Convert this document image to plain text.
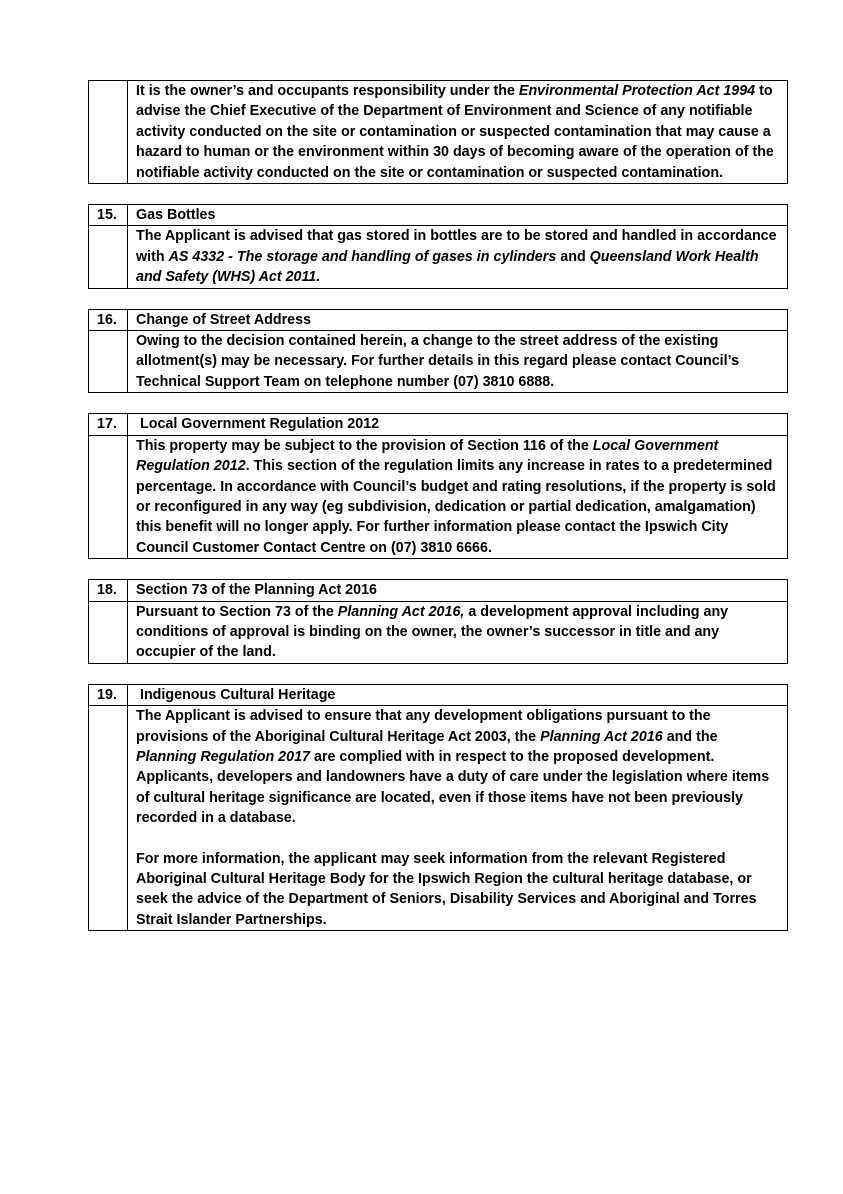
	It is the owner’s and occupants responsibility under the Environmental Protection Act 1994 to advise the Chief Executive of the Department of Environment and Science of any notifiable activity conducted on the site or contamination or suspected contamination that may cause a hazard to human or the environment within 30 days of becoming aware of the operation of the notifiable activity conducted on the site or contamination or suspected contamination.
15.	Gas Bottles
	The Applicant is advised that gas stored in bottles are to be stored and handled in accordance with AS 4332 - The storage and handling of gases in cylinders and Queensland Work Health and Safety (WHS) Act 2011.
16.	Change of Street Address
	Owing to the decision contained herein, a change to the street address of the existing allotment(s) may be necessary. For further details in this regard please contact Council’s Technical Support Team on telephone number (07) 3810 6888.
17.	Local Government Regulation 2012
	This property may be subject to the provision of Section 116 of the Local Government Regulation 2012. This section of the regulation limits any increase in rates to a predetermined percentage. In accordance with Council’s budget and rating resolutions, if the property is sold or reconfigured in any way (eg subdivision, dedication or partial dedication, amalgamation) this benefit will no longer apply. For further information please contact the Ipswich City Council Customer Contact Centre on (07) 3810 6666.
18.	Section 73 of the Planning Act 2016
	Pursuant to Section 73 of the Planning Act 2016, a development approval including any conditions of approval is binding on the owner, the owner’s successor in title and any occupier of the land.
19.	Indigenous Cultural Heritage

	The Applicant is advised to ensure that any development obligations pursuant to the provisions of the Aboriginal Cultural Heritage Act 2003, the Planning Act 2016 and the Planning Regulation 2017 are complied with in respect to the proposed development. Applicants, developers and landowners have a duty of care under the legislation where items of cultural heritage significance are located, even if those items have not been previously recorded in a database.
For more information, the applicant may seek information from the relevant Registered Aboriginal Cultural Heritage Body for the Ipswich Region the cultural heritage database, or seek the advice of the Department of Seniors, Disability Services and Aboriginal and Torres Strait Islander Partnerships.
